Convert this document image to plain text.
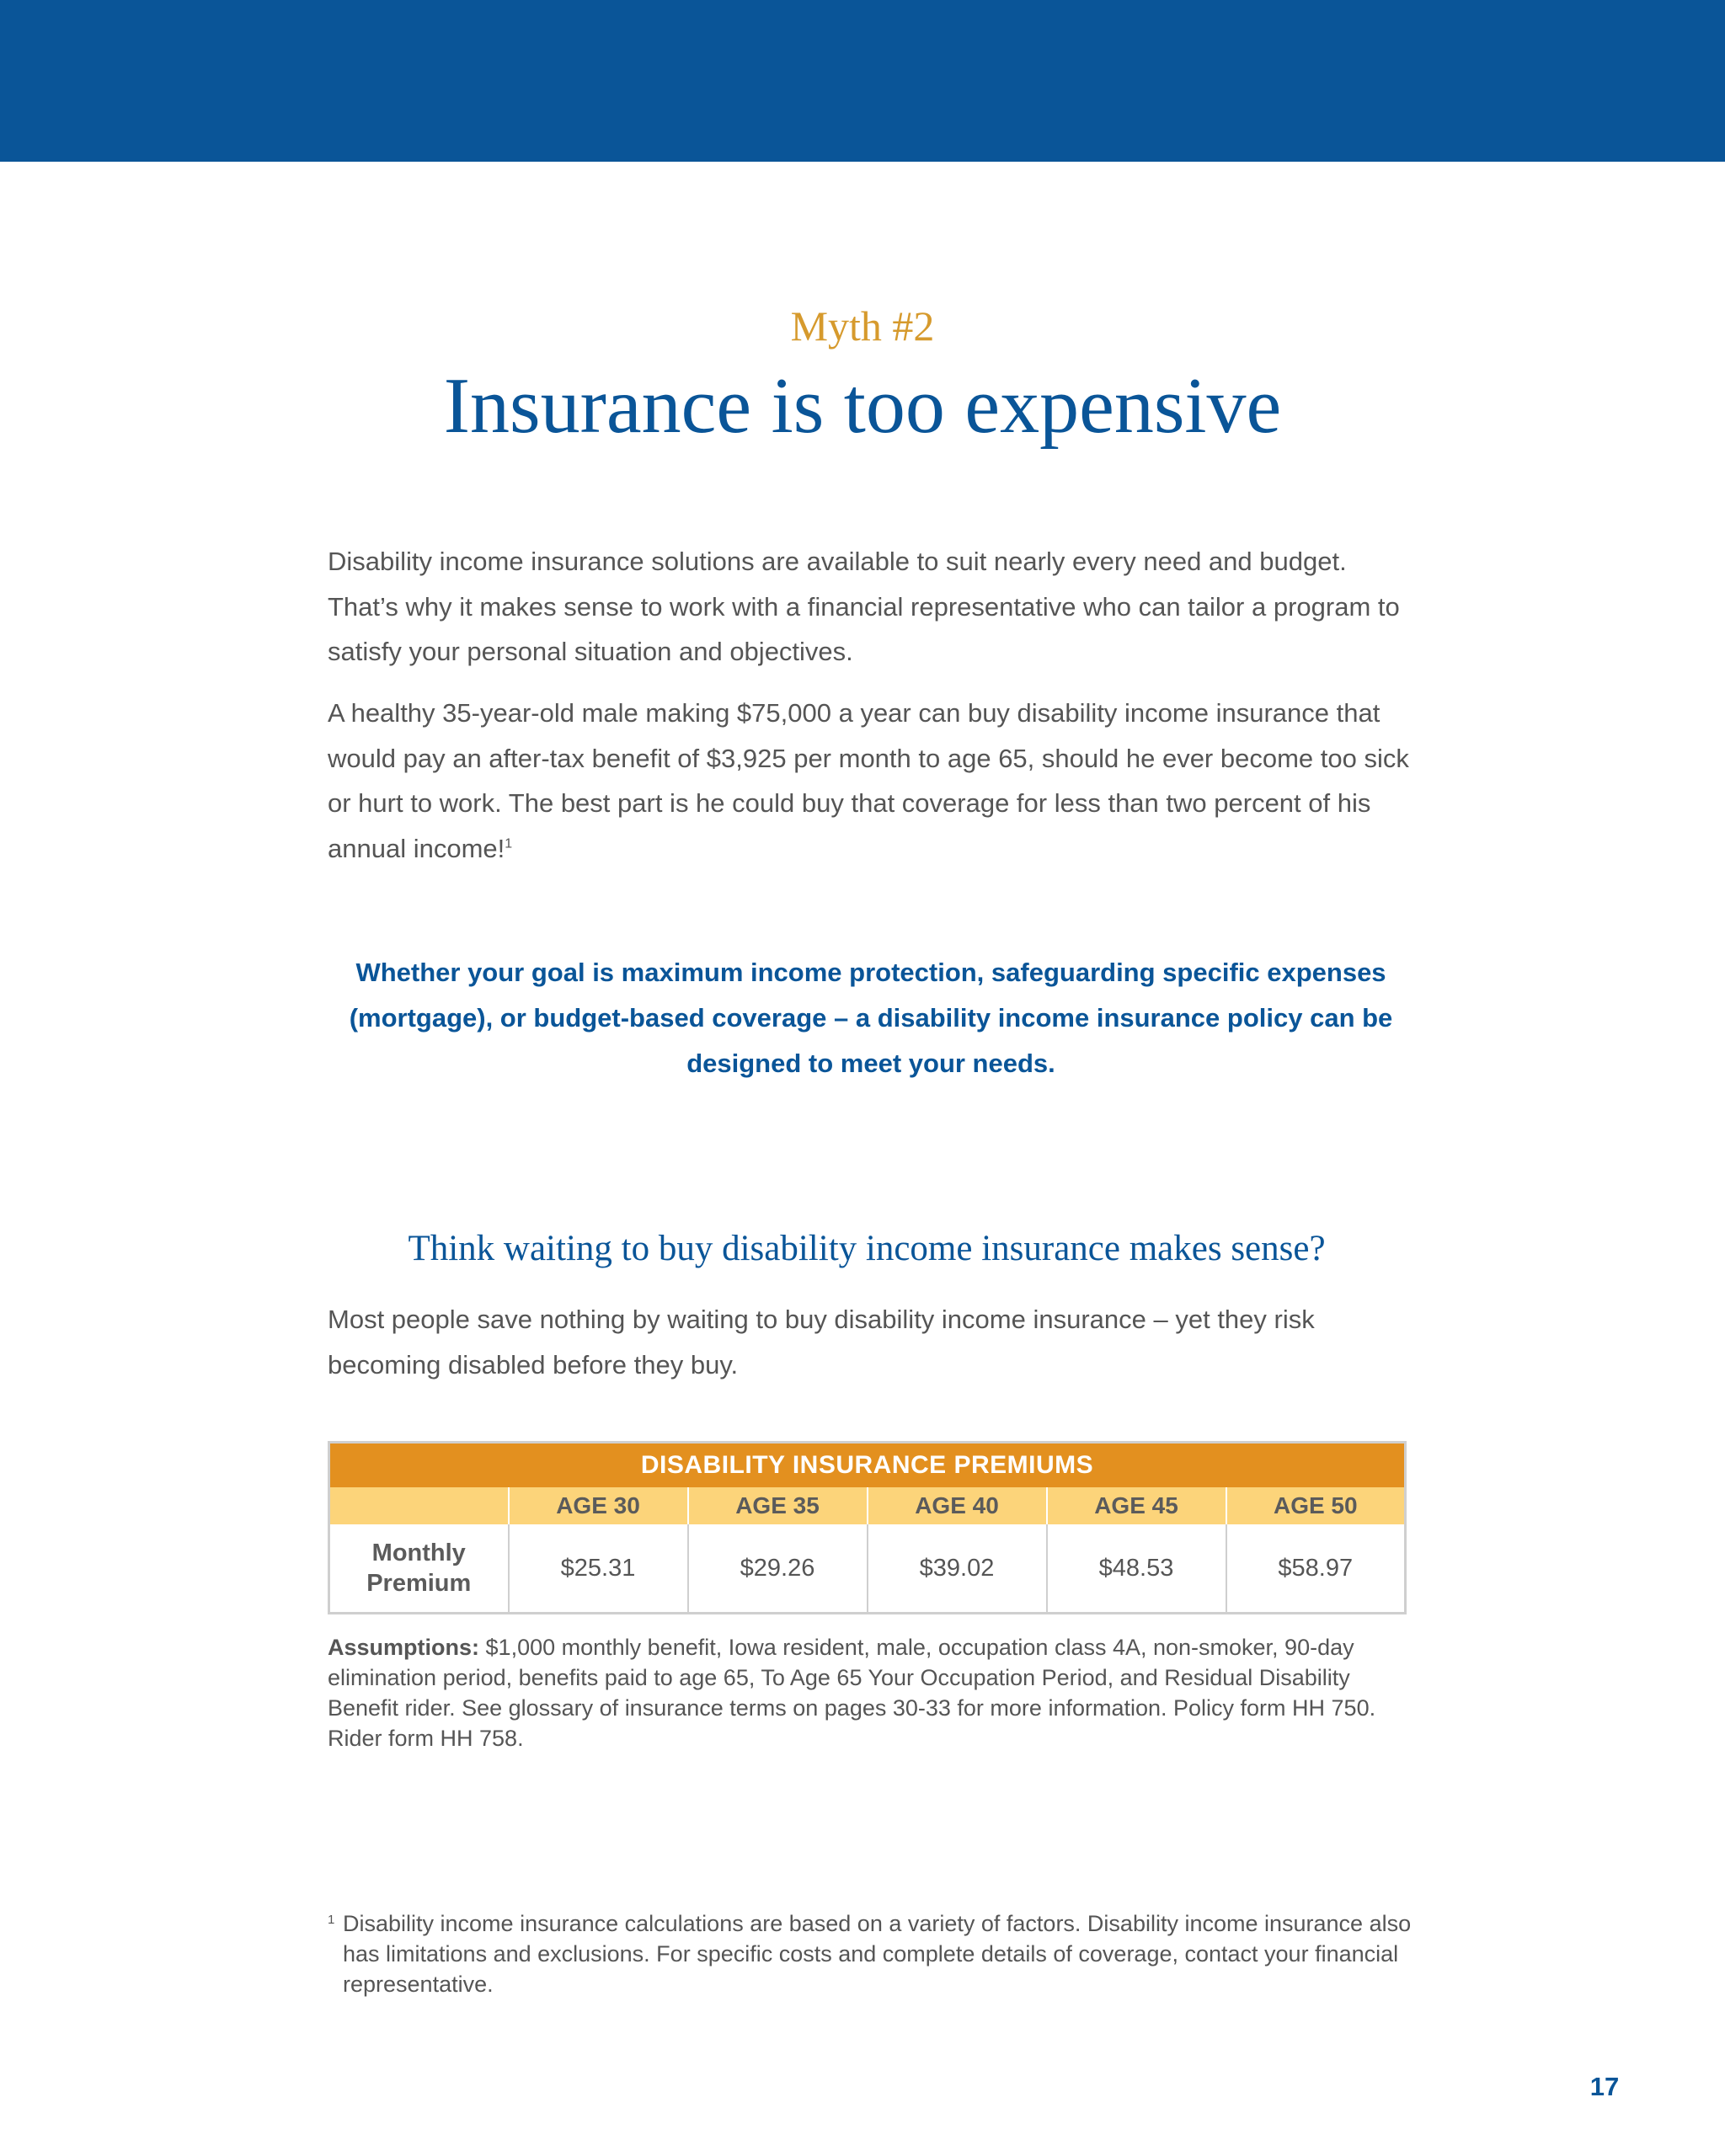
Myth #2
Insurance is too expensive

Disability income insurance solutions are available to suit nearly every need and budget. That’s why it makes sense to work with a financial representative who can tailor a program to satisfy your personal situation and objectives.

A healthy 35-year-old male making $75,000 a year can buy disability income insurance that would pay an after-tax benefit of $3,925 per month to age 65, should he ever become too sick or hurt to work. The best part is he could buy that coverage for less than two percent of his annual income!$^1$

Whether your goal is maximum income protection, safeguarding specific expenses (mortgage), or budget-based coverage – a disability income insurance policy can be designed to meet your needs.

Think waiting to buy disability income insurance makes sense?

Most people save nothing by waiting to buy disability income insurance – yet they risk becoming disabled before they buy.

DISABILITY INSURANCE PREMIUMS					
	AGE 30	AGE 35	AGE 40	AGE 45	AGE 50
Monthly
Premium	$25.31	$29.26	$39.02	$48.53	$58.97

Assumptions: $1,000 monthly benefit, Iowa resident, male, occupation class 4A, non-smoker, 90-day elimination period, benefits paid to age 65, To Age 65 Your Occupation Period, and Residual Disability Benefit rider. See glossary of insurance terms on pages 30-33 for more information. Policy form HH 750. Rider form HH 758.

1 Disability income insurance calculations are based on a variety of factors. Disability income insurance also has limitations and exclusions. For specific costs and complete details of coverage, contact your financial representative.

17
